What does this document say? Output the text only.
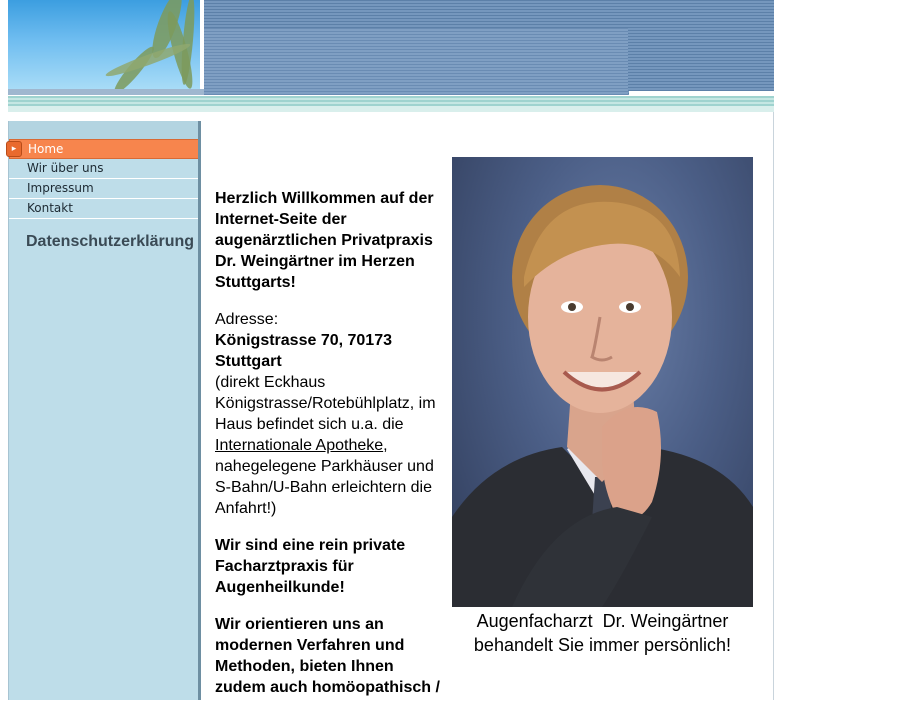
▸ Home
Wir über uns
Impressum
Kontakt
Datenschutzerklärung

Herzlich Willkommen auf der Internet-Seite der augenärztlichen Privatpraxis Dr. Weingärtner im Herzen Stuttgarts!

Adresse:
Königstrasse 70, 70173 Stuttgart
(direkt Eckhaus Königstrasse/Rotebühlplatz, im Haus befindet sich u.a. die Internationale Apotheke, nahegelegene Parkhäuser und S-Bahn/U-Bahn erleichtern die Anfahrt!)

Wir sind eine rein private Facharztpraxis für Augenheilkunde!

Wir orientieren uns an modernen Verfahren und Methoden, bieten Ihnen zudem auch homöopathisch /

Augenfacharzt  Dr. Weingärtner
behandelt Sie immer persönlich!
